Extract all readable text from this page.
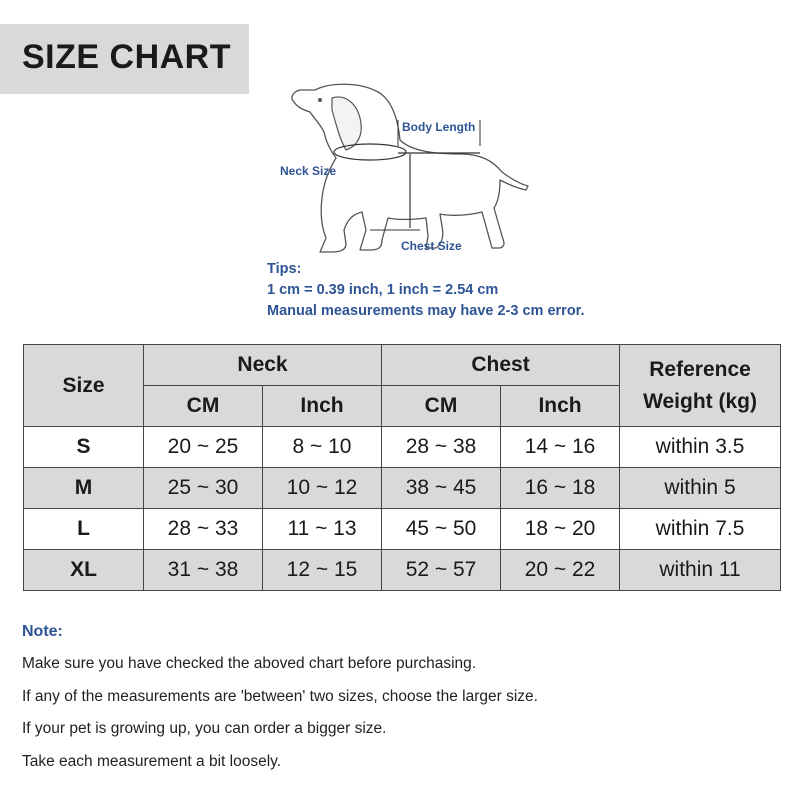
SIZE CHART
Body Length
Neck Size
Chest Size
Tips:
1 cm = 0.39 inch, 1 inch = 2.54 cm
Manual measurements may have 2-3 cm error.
Size	Neck		Chest		Reference
Weight (kg)
	CM	Inch	CM	Inch	
S	20 ~ 25	8 ~ 10	28 ~ 38	14 ~ 16	within 3.5
M	25 ~ 30	10 ~ 12	38 ~ 45	16 ~ 18	within 5
L	28 ~ 33	11 ~ 13	45 ~ 50	18 ~ 20	within 7.5
XL	31 ~ 38	12 ~ 15	52 ~ 57	20 ~ 22	within 11
Note:
Make sure you have checked the aboved chart before purchasing.
If any of the measurements are 'between' two sizes, choose the larger size.
If your pet is growing up, you can order a bigger size.
Take each measurement a bit loosely.
